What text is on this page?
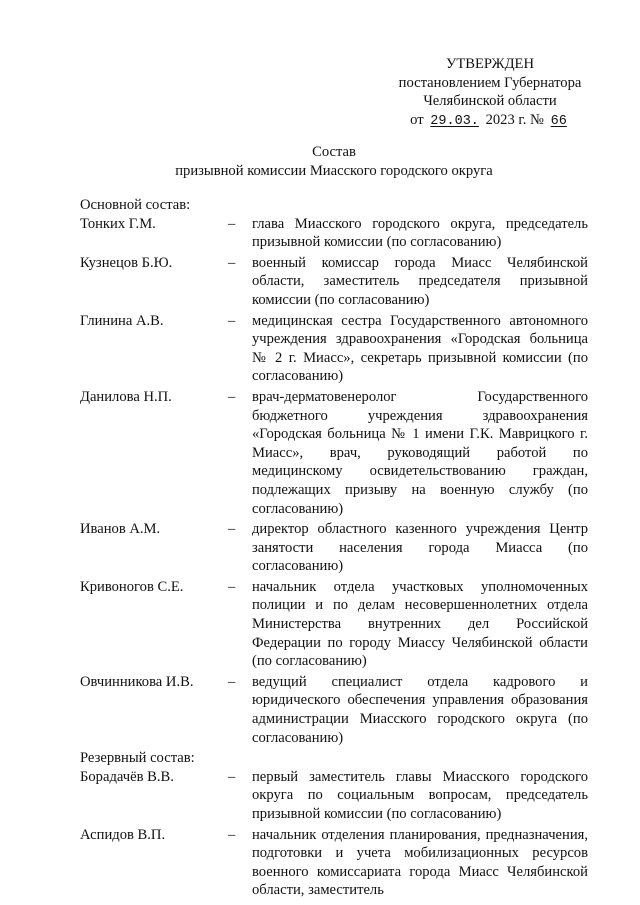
УТВЕРЖДЕН
постановлением Губернатора
Челябинской области
от 29.03. 2023 г. № 66
Состав
призывной комиссии Миасского городского округа
Основной состав:
Тонких Г.М.	–	глава Миасского городского округа, председатель призывной комиссии (по согласованию)
Кузнецов Б.Ю.	–	военный комиссар города Миасс Челябинской области, заместитель председателя призывной комиссии (по согласованию)
Глинина А.В.	–	медицинская сестра Государственного автономного учреждения здравоохранения «Городская больница № 2 г. Миасс», секретарь призывной комиссии (по согласованию)
Данилова Н.П.	–	врач-дерматовенеролог Государственного бюджетного учреждения здравоохранения «Городская больница № 1 имени Г.К. Маврицкого г. Миасс», врач, руководящий работой по медицинскому освидетельствованию граждан, подлежащих призыву на военную службу (по согласованию)
Иванов А.М.	–	директор областного казенного учреждения Центр занятости населения города Миасса (по согласованию)
Кривоногов С.Е.	–	начальник отдела участковых уполномоченных полиции и по делам несовершеннолетних отдела Министерства внутренних дел Российской Федерации по городу Миассу Челябинской области (по согласованию)
Овчинникова И.В.	–	ведущий специалист отдела кадрового и юридического обеспечения управления образования администрации Миасского городского округа (по согласованию)
Резервный состав:
Борадачёв В.В.	–	первый заместитель главы Миасского городского округа по социальным вопросам, председатель призывной комиссии (по согласованию)
Аспидов В.П.	–	начальник отделения планирования, предназначения, подготовки и учета мобилизационных ресурсов военного комиссариата города Миасс Челябинской области, заместитель
